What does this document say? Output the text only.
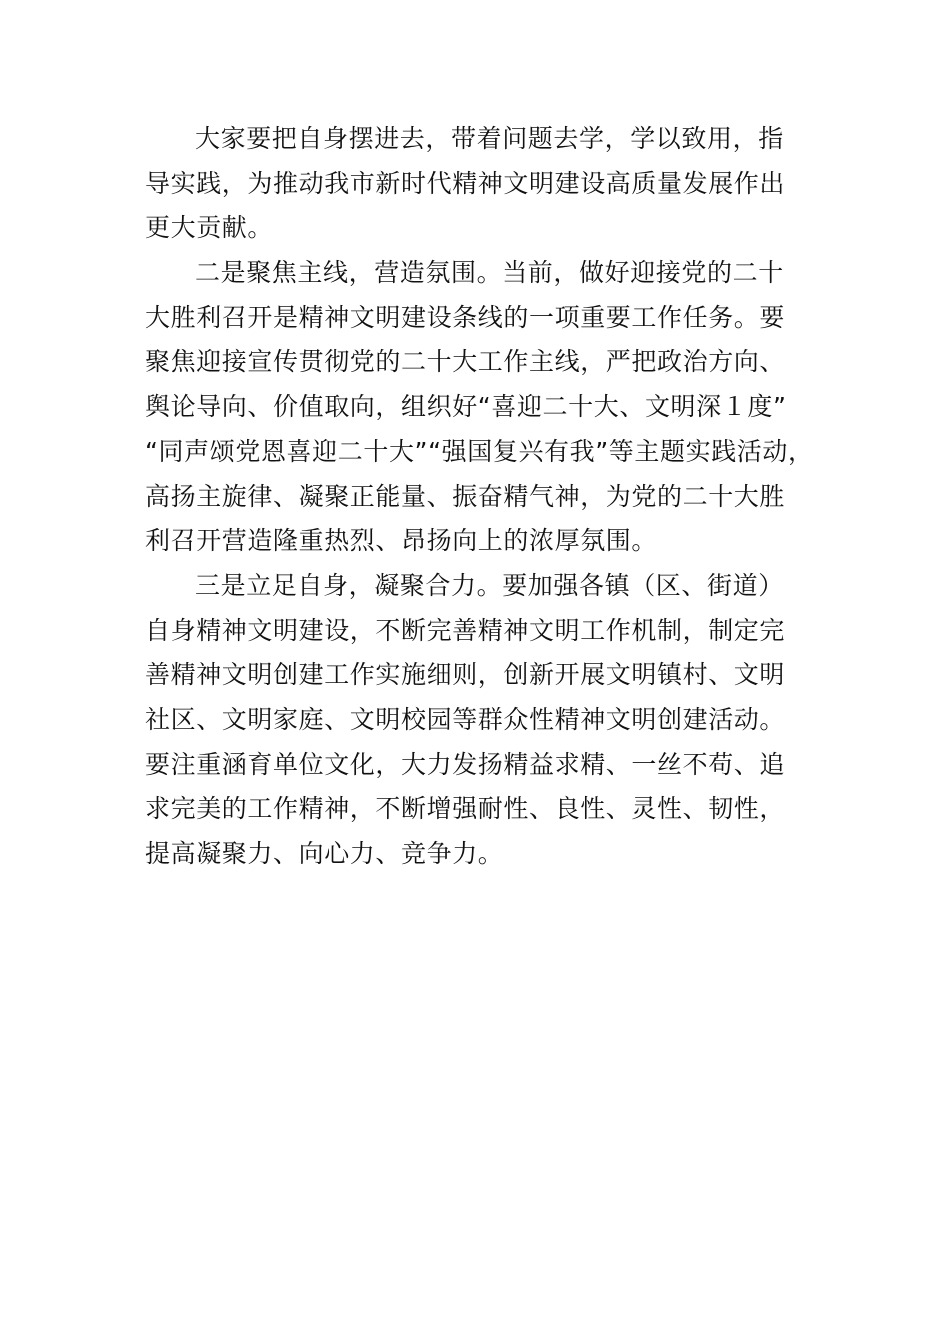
大家要把自身摆进去，带着问题去学，学以致用，指
导实践，为推动我市新时代精神文明建设高质量发展作出
更大贡献。
二是聚焦主线，营造氛围。当前，做好迎接党的二十
大胜利召开是精神文明建设条线的一项重要工作任务。要
聚焦迎接宣传贯彻党的二十大工作主线，严把政治方向、
舆论导向、价值取向，组织好“喜迎二十大、文明深１度”
“同声颂党恩喜迎二十大”“强国复兴有我”等主题实践活动，
高扬主旋律、凝聚正能量、振奋精气神，为党的二十大胜
利召开营造隆重热烈、昂扬向上的浓厚氛围。
三是立足自身，凝聚合力。要加强各镇（区、街道）
自身精神文明建设，不断完善精神文明工作机制，制定完
善精神文明创建工作实施细则，创新开展文明镇村、文明
社区、文明家庭、文明校园等群众性精神文明创建活动。
要注重涵育单位文化，大力发扬精益求精、一丝不苟、追
求完美的工作精神，不断增强耐性、良性、灵性、韧性，
提高凝聚力、向心力、竞争力。
